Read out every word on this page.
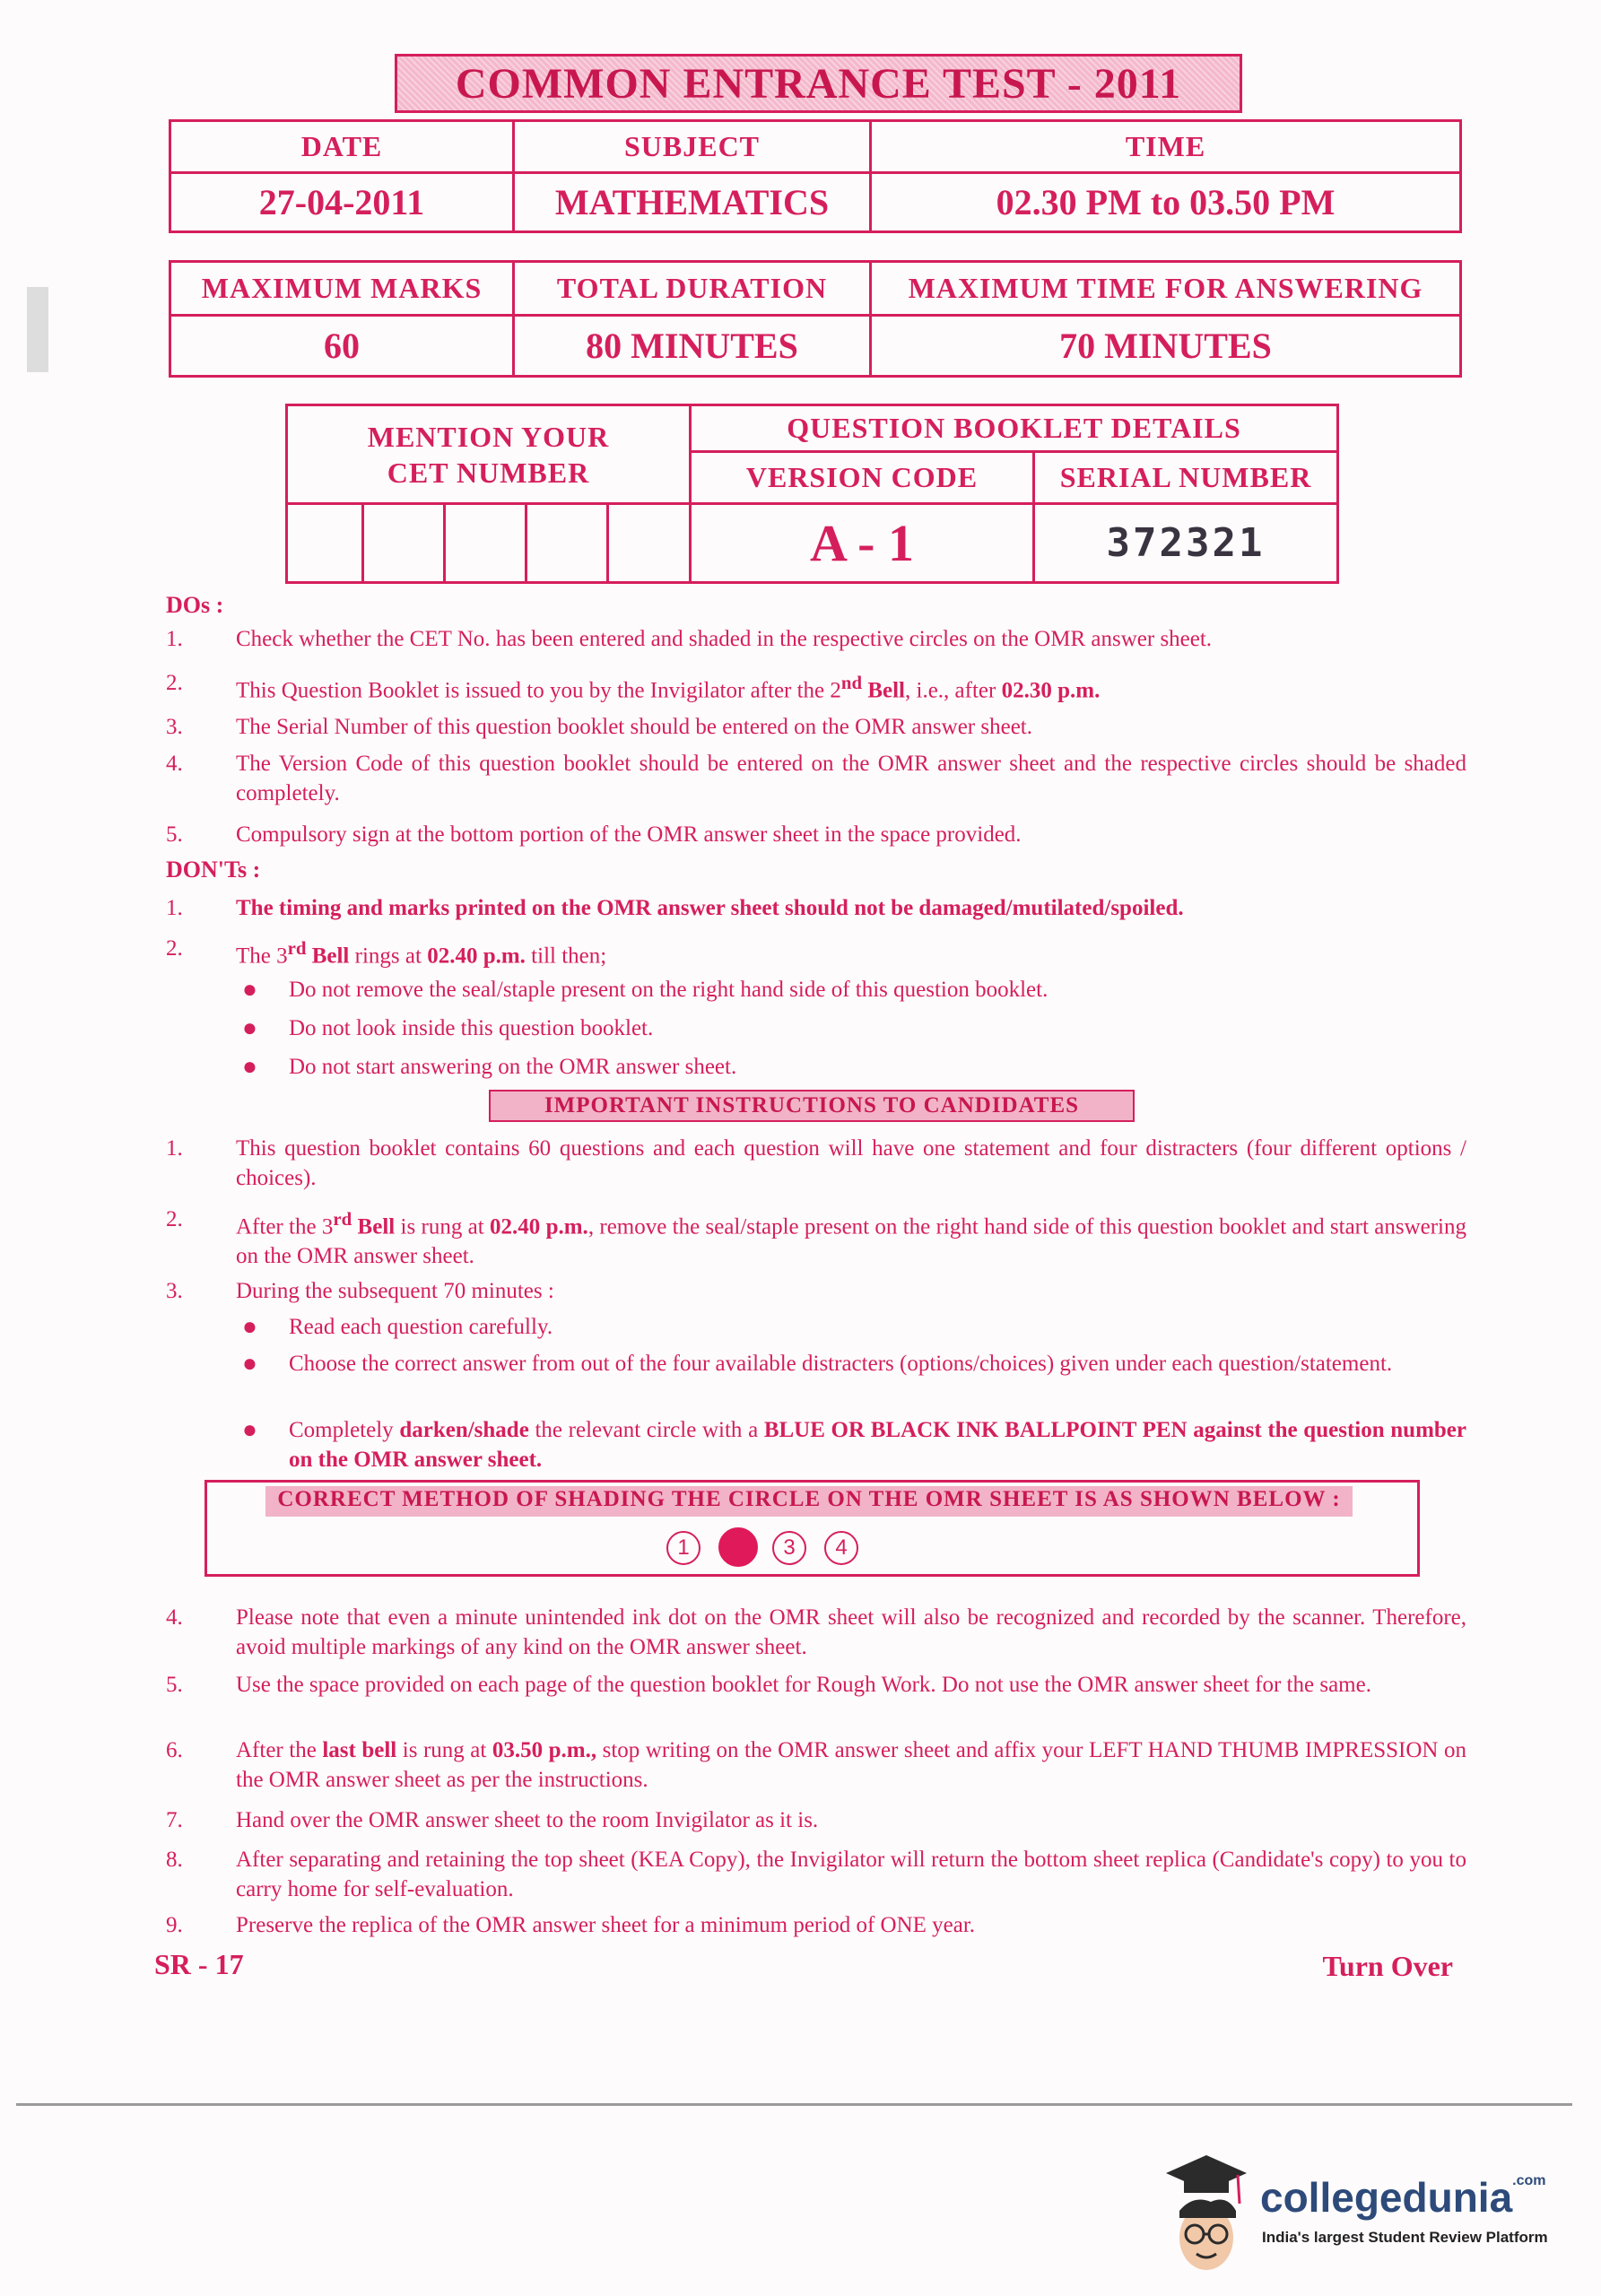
COMMON ENTRANCE TEST - 2011
DATE	SUBJECT	TIME
27-04-2011	MATHEMATICS	02.30 PM to 03.50 PM
MAXIMUM MARKS	TOTAL DURATION	MAXIMUM TIME FOR ANSWERING
60	80 MINUTES	70 MINUTES
MENTION YOUR
CET NUMBER					QUESTION BOOKLET DETAILS	
					VERSION CODE	SERIAL NUMBER
					A - 1	372321
DOs :
1.	Check whether the CET No. has been entered and shaded in the respective circles on the OMR answer sheet.
2.	This Question Booklet is issued to you by the Invigilator after the 2nd Bell, i.e., after 02.30 p.m.
3.	The Serial Number of this question booklet should be entered on the OMR answer sheet.
4.	The Version Code of this question booklet should be entered on the OMR answer sheet and the respective circles should be shaded completely.
5.	Compulsory sign at the bottom portion of the OMR answer sheet in the space provided.
DON'Ts :
1.	The timing and marks printed on the OMR answer sheet should not be damaged/mutilated/spoiled.
2.	The 3rd Bell rings at 02.40 p.m. till then;
● Do not remove the seal/staple present on the right hand side of this question booklet.
● Do not look inside this question booklet.
● Do not start answering on the OMR answer sheet.
IMPORTANT INSTRUCTIONS TO CANDIDATES
1.	This question booklet contains 60 questions and each question will have one statement and four distracters (four different options / choices).
2.	After the 3rd Bell is rung at 02.40 p.m., remove the seal/staple present on the right hand side of this question booklet and start answering on the OMR answer sheet.
3.	During the subsequent 70 minutes :
● Read each question carefully.
● Choose the correct answer from out of the four available distracters (options/choices) given under each question/statement.
● Completely darken/shade the relevant circle with a BLUE OR BLACK INK BALLPOINT PEN against the question number on the OMR answer sheet.
CORRECT METHOD OF SHADING THE CIRCLE ON THE OMR SHEET IS AS SHOWN BELOW :
1	3	4
4.	Please note that even a minute unintended ink dot on the OMR sheet will also be recognized and recorded by the scanner. Therefore, avoid multiple markings of any kind on the OMR answer sheet.
5.	Use the space provided on each page of the question booklet for Rough Work. Do not use the OMR answer sheet for the same.
6.	After the last bell is rung at 03.50 p.m., stop writing on the OMR answer sheet and affix your LEFT HAND THUMB IMPRESSION on the OMR answer sheet as per the instructions.
7.	Hand over the OMR answer sheet to the room Invigilator as it is.
8.	After separating and retaining the top sheet (KEA Copy), the Invigilator will return the bottom sheet replica (Candidate's copy) to you to carry home for self-evaluation.
9.	Preserve the replica of the OMR answer sheet for a minimum period of ONE year.
SR - 17	Turn Over
collegedunia$^{.com}$
India's largest Student Review Platform
